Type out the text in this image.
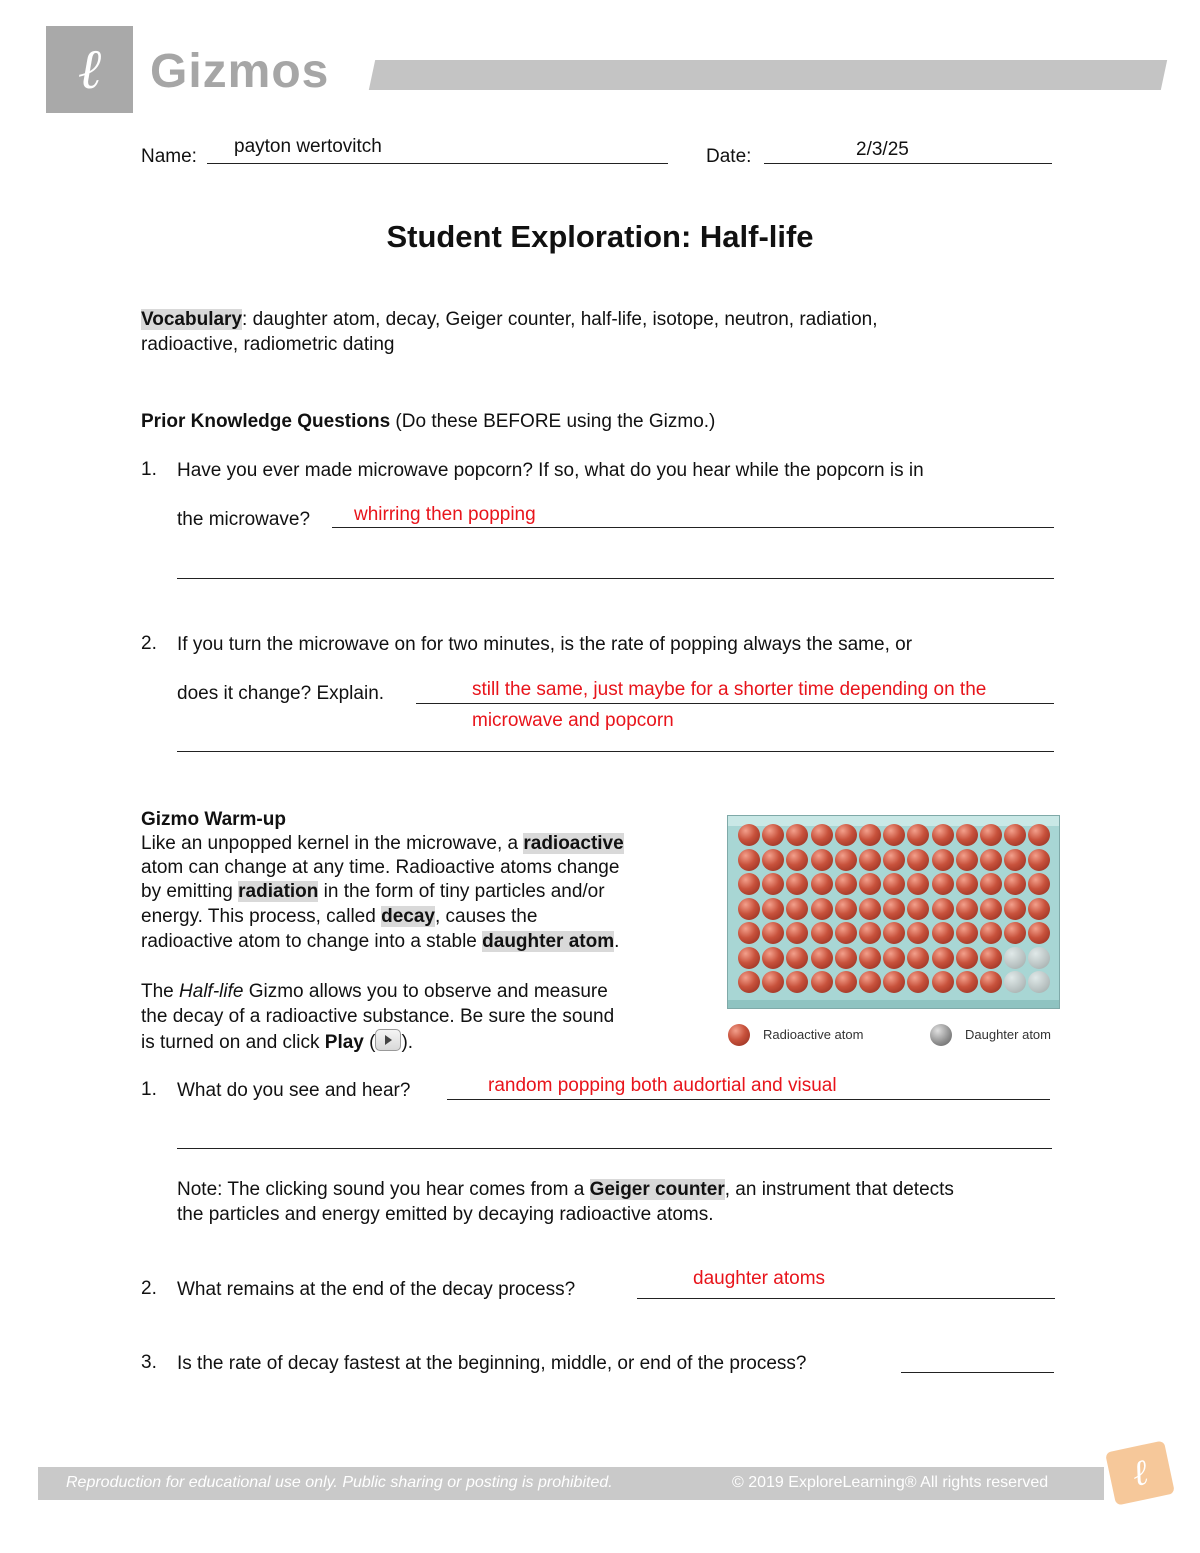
ℓ Gizmos
Name: payton wertovitch	Date:	2/3/25
Student Exploration: Half-life
Vocabulary: daughter atom, decay, Geiger counter, half-life, isotope, neutron, radiation,
radioactive, radiometric dating
Prior Knowledge Questions (Do these BEFORE using the Gizmo.)
1. Have you ever made microwave popcorn? If so, what do you hear while the popcorn is in
the microwave? whirring then popping
2. If you turn the microwave on for two minutes, is the rate of popping always the same, or
does it change? Explain.	still the same, just maybe for a shorter time depending on the
microwave and popcorn
Gizmo Warm-up
Like an unpopped kernel in the microwave, a radioactive
atom can change at any time. Radioactive atoms change
by emitting radiation in the form of tiny particles and/or
energy. This process, called decay, causes the
radioactive atom to change into a stable daughter atom.
The Half-life Gizmo allows you to observe and measure
the decay of a radioactive substance. Be sure the sound
is turned on and click Play ( ).	Radioactive atom	Daughter atom
1. What do you see and hear?	random popping both audortial and visual
Note: The clicking sound you hear comes from a Geiger counter, an instrument that detects
the particles and energy emitted by decaying radioactive atoms.
2. What remains at the end of the decay process?
daughter atoms
3. Is the rate of decay fastest at the beginning, middle, or end of the process?
Reproduction for educational use only. Public sharing or posting is prohibited.	© 2019 ExploreLearning® All rights reserved ℓ
